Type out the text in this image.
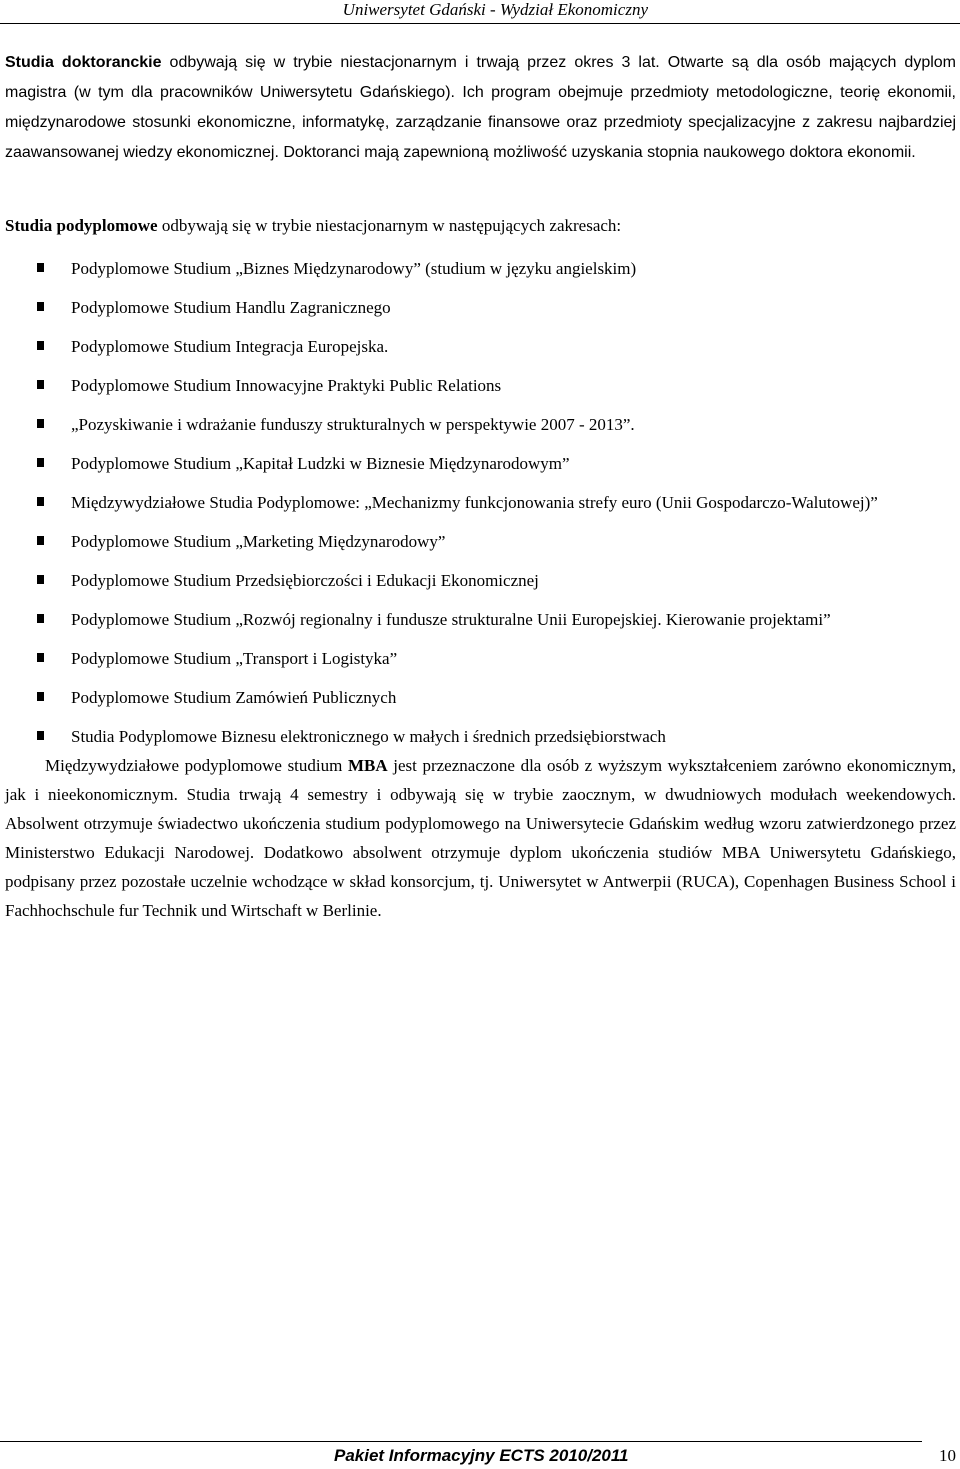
Uniwersytet Gdański - Wydział Ekonomiczny

Studia doktoranckie odbywają się w trybie niestacjonarnym i trwają przez okres 3 lat. Otwarte są dla osób mających dyplom magistra (w tym dla pracowników Uniwersytetu Gdańskiego). Ich program obejmuje przedmioty metodologiczne, teorię ekonomii, międzynarodowe stosunki ekonomiczne, informatykę, zarządzanie finansowe oraz przedmioty specjalizacyjne z zakresu najbardziej zaawansowanej wiedzy ekonomicznej. Doktoranci mają zapewnioną możliwość uzyskania stopnia naukowego doktora ekonomii.

Studia podyplomowe odbywają się w trybie niestacjonarnym w następujących zakresach:

Podyplomowe Studium „Biznes Międzynarodowy” (studium w języku angielskim)
Podyplomowe Studium Handlu Zagranicznego
Podyplomowe Studium Integracja Europejska.
Podyplomowe Studium Innowacyjne Praktyki Public Relations
„Pozyskiwanie i wdrażanie funduszy strukturalnych w perspektywie 2007 - 2013”.
Podyplomowe Studium „Kapitał Ludzki w Biznesie Międzynarodowym”
Międzywydziałowe Studia Podyplomowe: „Mechanizmy funkcjonowania strefy euro (Unii Gospodarczo-Walutowej)”
Podyplomowe Studium „Marketing Międzynarodowy”
Podyplomowe Studium Przedsiębiorczości i Edukacji Ekonomicznej
Podyplomowe Studium „Rozwój regionalny i fundusze strukturalne Unii Europejskiej. Kierowanie projektami”
Podyplomowe Studium „Transport i Logistyka”
Podyplomowe Studium Zamówień Publicznych
Studia Podyplomowe Biznesu elektronicznego w małych i średnich przedsiębiorstwach

Międzywydziałowe podyplomowe studium MBA jest przeznaczone dla osób z wyższym wykształceniem zarówno ekonomicznym, jak i nieekonomicznym. Studia trwają 4 semestry i odbywają się w trybie zaocznym, w dwudniowych modułach weekendowych. Absolwent otrzymuje świadectwo ukończenia studium podyplomowego na Uniwersytecie Gdańskim według wzoru zatwierdzonego przez Ministerstwo Edukacji Narodowej. Dodatkowo absolwent otrzymuje dyplom ukończenia studiów MBA Uniwersytetu Gdańskiego, podpisany przez pozostałe uczelnie wchodzące w skład konsorcjum, tj. Uniwersytet w Antwerpii (RUCA), Copenhagen Business School i Fachhochschule fur Technik und Wirtschaft w Berlinie.

Pakiet Informacyjny ECTS 2010/2011	10
